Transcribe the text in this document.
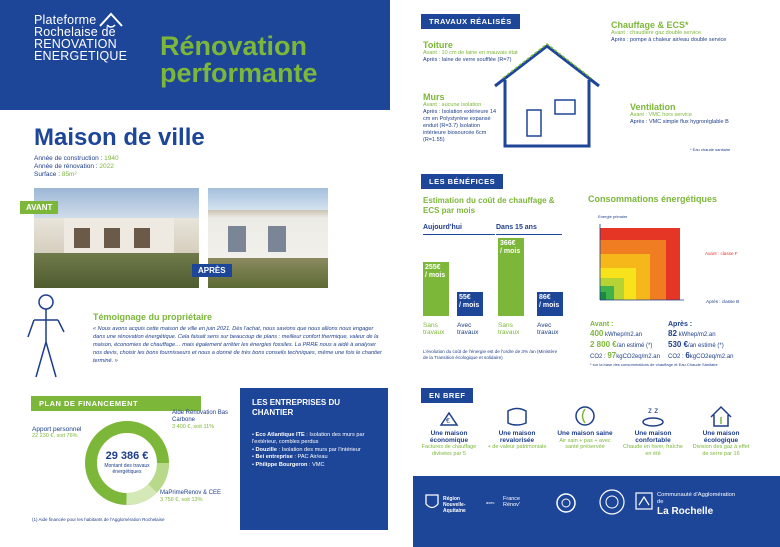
Plateforme
Rochelaise de
RENOVATION
ENERGETIQUE Rénovation
performante
Maison de ville
Année de construction : 1940
Année de rénovation : 2022
Surface : 85m²
AVANT
APRÈS
Témoignage du propriétaire
« Nous avons acquis cette maison de ville en juin 2021. Dès l'achat, nous savions que nous allions nous engager dans une rénovation énergétique. Cela faisait sens sur beaucoup de plans : meilleur confort thermique, valeur de la maison, économies de chauffage… mais également arrêter les énergies fossiles. La PRRE nous a aidé à analyser nos devis, choisir les bons fournisseurs et nous a donné de très bons conseils techniques, même une fois le chantier terminé. »
PLAN DE FINANCEMENT
29 386 €
Montant des travaux énergétiques
Apport personnel
22 230 €, soit 76%
Aide Rénovation Bas Carbone
3 400 €, soit 11%
MaPrimeRenov & CEE
3 756 €, soit 13%
(1) Aide financée pour les habitants de l'Agglomération Rochelaise
LES ENTREPRISES DU CHANTIER
• Eco Atlantique ITE : Isolation des murs par l'extérieur, combles perdus
• Douzille : Isolation des murs par l'intérieur
• Bei entreprise : PAC Air/eau
• Philippe Bourgeron : VMC
TRAVAUX RÉALISÉS
Toiture
Avant : 10 cm de laine en mauvais état
Après : laine de verre soufflée (R=7)
Murs
Avant : aucune isolation
Après : Isolation extérieure 14 cm en Polystyrène expansé enduit (R=3.7) Isolation intérieure biosourcée 6cm (R=1.55)
Chauffage & ECS*
Avant : chaudière gaz double service
Après : pompe à chaleur air/eau double service
Ventilation
Avant : VMC hors service
Après : VMC simple flux hygroréglable B
* Eau chaude sanitaire
LES BÉNÉFICES
Estimation du coût de chauffage & ECS par mois
Aujourd'hui	Dans 15 ans
255€
/ mois
55€
/ mois
366€
/ mois
86€
/ mois
Sans travaux
Avec travaux
Sans travaux
Avec travaux
L'évolution du coût de l'énergie est de l'ordre de 3% /an (Ministère de la Transition écologique et solidaire)
Consommations énergétiques
Energie primaire
Avant : classe F
Après : classe B
Avant :
400 kWhep/m2.an
2 800 €/an estimé (*)
CO2 : 97kgCO2eq/m2.an
Après :
82 kWhep/m2.an
530 €/an estimé (*)
CO2 : 6kgCO2eq/m2.an
* sur la base des consommations de chauffage et Eau Chaude Sanitaire
EN BREF
€
Une maison économique
Factures de chauffage divisées par 5
Une maison revalorisée
+ de valeur patrimoniale
Une maison saine
Air sain + pas + avec santé préservée
z z
Une maison confortable
Chaude en hiver, fraîche en été
Une maison écologique
Division des gaz à effet de serre par 16
Région Nouvelle-Aquitaine
avec
France Rénov'
Communauté d'Agglomération de
La Rochelle
